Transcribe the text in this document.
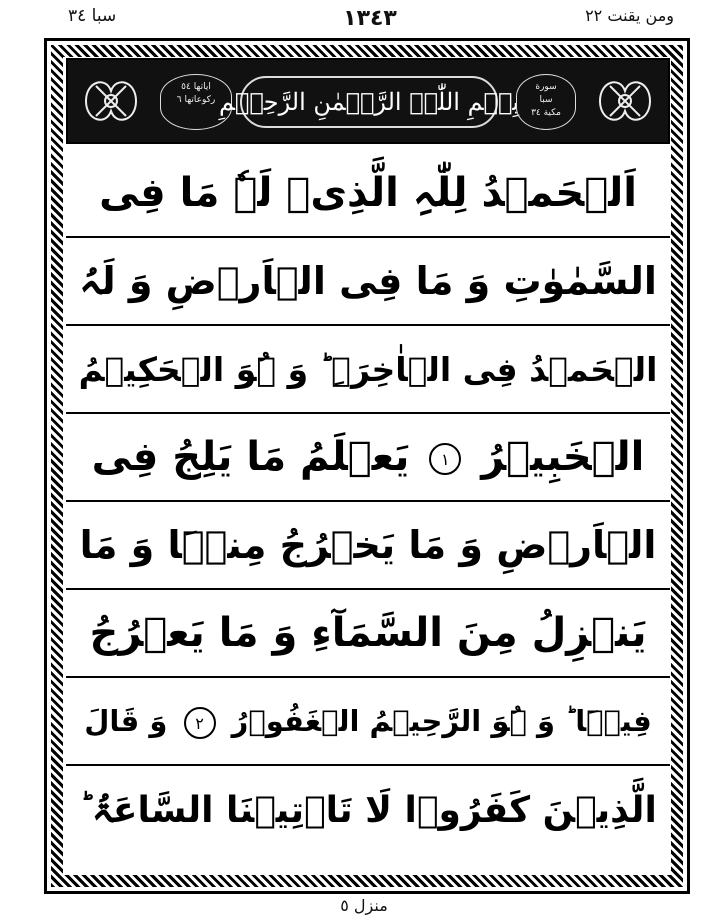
سبا ٣٤	١٣٤٣	ومن يقنت ٢٢
ایاتها ٥٤
رکوعاتها ٦ بِسۡمِ اللّٰہِ الرَّحۡمٰنِ الرَّحِیۡمِ
سورة
سبا
مکیة ٣٤
اَلۡحَمۡدُ لِلّٰہِ الَّذِیۡ لَہٗ مَا فِی
السَّمٰوٰتِ وَ مَا فِی الۡاَرۡضِ وَ لَہُ
الۡحَمۡدُ فِی الۡاٰخِرَۃِ ؕ وَ ہُوَ الۡحَکِیۡمُ
الۡخَبِیۡرُ ١ یَعۡلَمُ مَا یَلِجُ فِی
الۡاَرۡضِ وَ مَا یَخۡرُجُ مِنۡہَا وَ مَا
یَنۡزِلُ مِنَ السَّمَآءِ وَ مَا یَعۡرُجُ
فِیۡہَا ؕ وَ ہُوَ الرَّحِیۡمُ الۡغَفُوۡرُ ٢ وَ قَالَ
الَّذِیۡنَ کَفَرُوۡا لَا تَاۡتِیۡنَا السَّاعَۃُ ؕ
منزل ٥
